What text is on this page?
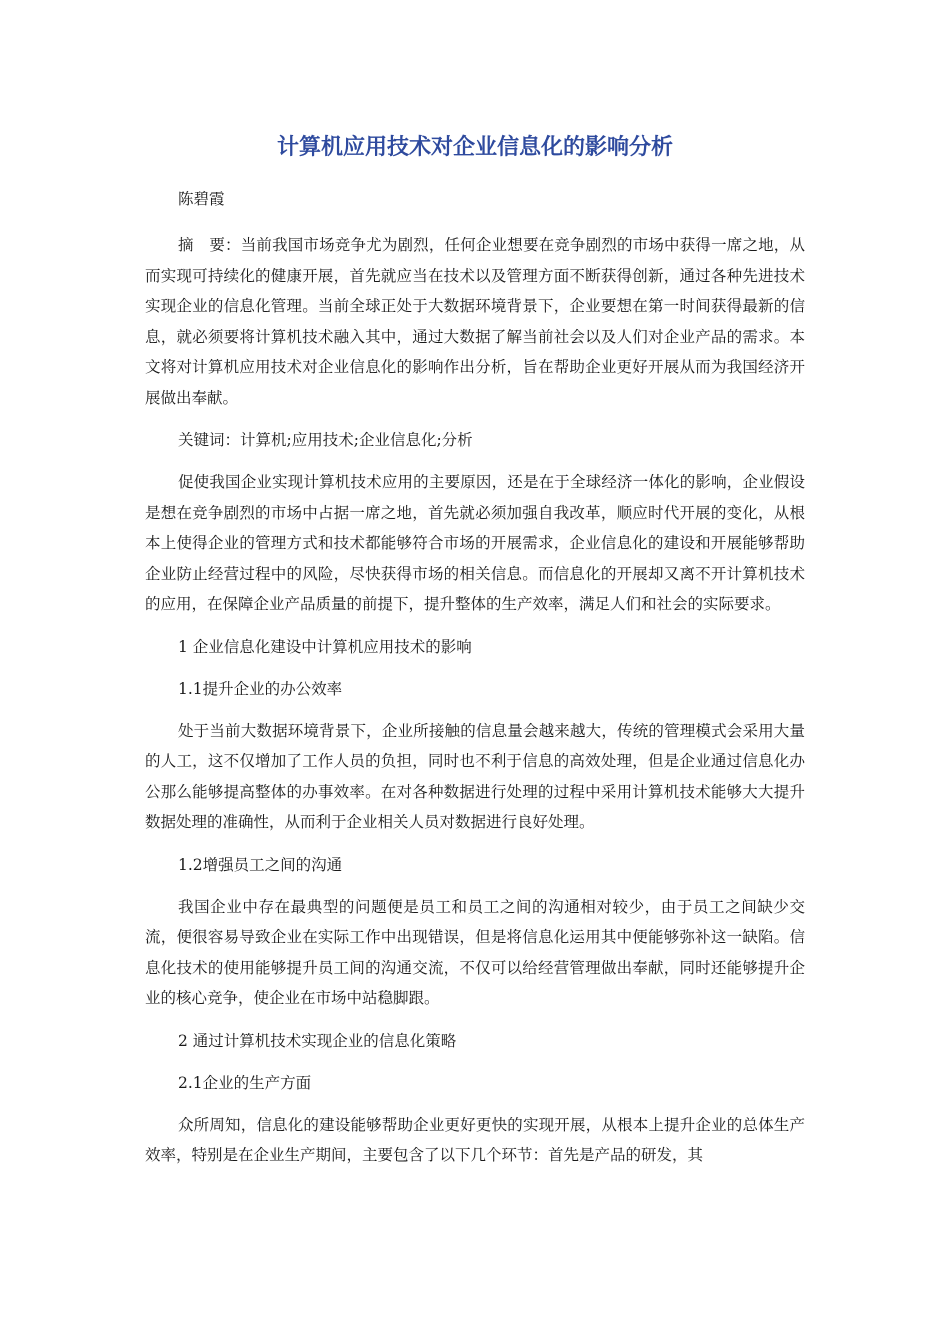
计算机应用技术对企业信息化的影响分析
陈碧霞

摘　要：当前我国市场竞争尤为剧烈，任何企业想要在竞争剧烈的市场中获得一席之地，从而实现可持续化的健康开展，首先就应当在技术以及管理方面不断获得创新，通过各种先进技术实现企业的信息化管理。当前全球正处于大数据环境背景下，企业要想在第一时间获得最新的信息，就必须要将计算机技术融入其中，通过大数据了解当前社会以及人们对企业产品的需求。本文将对计算机应用技术对企业信息化的影响作出分析，旨在帮助企业更好开展从而为我国经济开展做出奉献。

关键词：计算机;应用技术;企业信息化;分析

促使我国企业实现计算机技术应用的主要原因，还是在于全球经济一体化的影响，企业假设是想在竞争剧烈的市场中占据一席之地，首先就必须加强自我改革，顺应时代开展的变化，从根本上使得企业的管理方式和技术都能够符合市场的开展需求，企业信息化的建设和开展能够帮助企业防止经营过程中的风险，尽快获得市场的相关信息。而信息化的开展却又离不开计算机技术的应用，在保障企业产品质量的前提下，提升整体的生产效率，满足人们和社会的实际要求。

1 企业信息化建设中计算机应用技术的影响

1.1提升企业的办公效率

处于当前大数据环境背景下，企业所接触的信息量会越来越大，传统的管理模式会采用大量的人工，这不仅增加了工作人员的负担，同时也不利于信息的高效处理，但是企业通过信息化办公那么能够提高整体的办事效率。在对各种数据进行处理的过程中采用计算机技术能够大大提升数据处理的准确性，从而利于企业相关人员对数据进行良好处理。

1.2增强员工之间的沟通

我国企业中存在最典型的问题便是员工和员工之间的沟通相对较少，由于员工之间缺少交流，便很容易导致企业在实际工作中出现错误，但是将信息化运用其中便能够弥补这一缺陷。信息化技术的使用能够提升员工间的沟通交流，不仅可以给经营管理做出奉献，同时还能够提升企业的核心竞争，使企业在市场中站稳脚跟。

2 通过计算机技术实现企业的信息化策略

2.1企业的生产方面

众所周知，信息化的建设能够帮助企业更好更快的实现开展，从根本上提升企业的总体生产效率，特别是在企业生产期间，主要包含了以下几个环节：首先是产品的研发，其
